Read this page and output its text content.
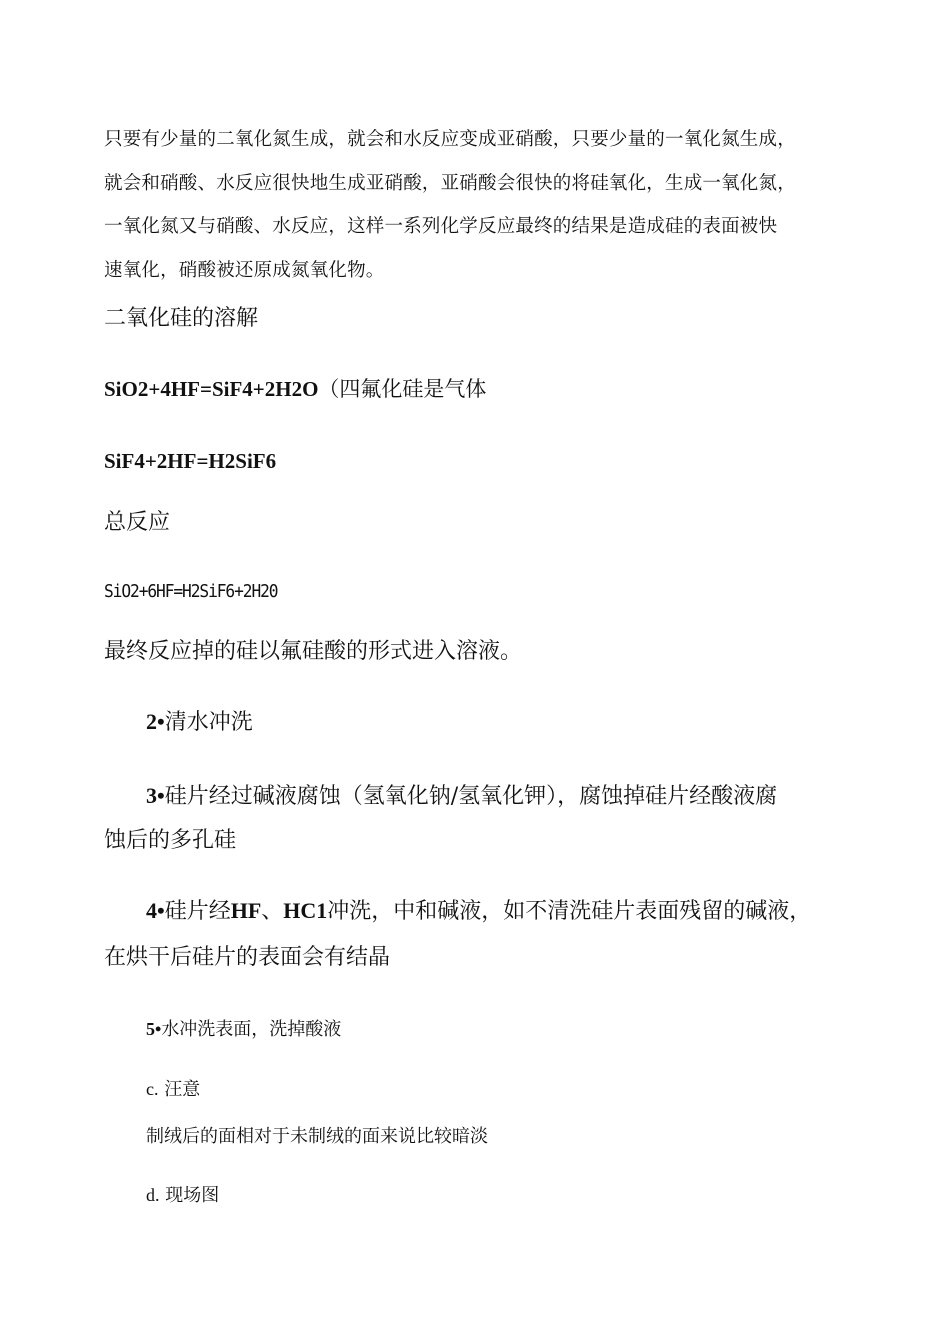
只要有少量的二氧化氮生成，就会和水反应变成亚硝酸，只要少量的一氧化氮生成，
就会和硝酸、水反应很快地生成亚硝酸，亚硝酸会很快的将硅氧化，生成一氧化氮，
一氧化氮又与硝酸、水反应，这样一系列化学反应最终的结果是造成硅的表面被快
速氧化，硝酸被还原成氮氧化物。
二氧化硅的溶解
SiO2+4HF=SiF4+2H2O（四氟化硅是气体
SiF4+2HF=H2SiF6
总反应
SiO2+6HF=H2SiF6+2H20
最终反应掉的硅以氟硅酸的形式进入溶液。
2•清水冲洗
3•硅片经过碱液腐蚀（氢氧化钠/氢氧化钾），腐蚀掉硅片经酸液腐
蚀后的多孔硅
4•硅片经HF、HC1冲洗，中和碱液，如不清洗硅片表面残留的碱液，
在烘干后硅片的表面会有结晶
5•水冲洗表面，洗掉酸液
c. 汪意
制绒后的面相对于未制绒的面来说比较暗淡
d. 现场图
